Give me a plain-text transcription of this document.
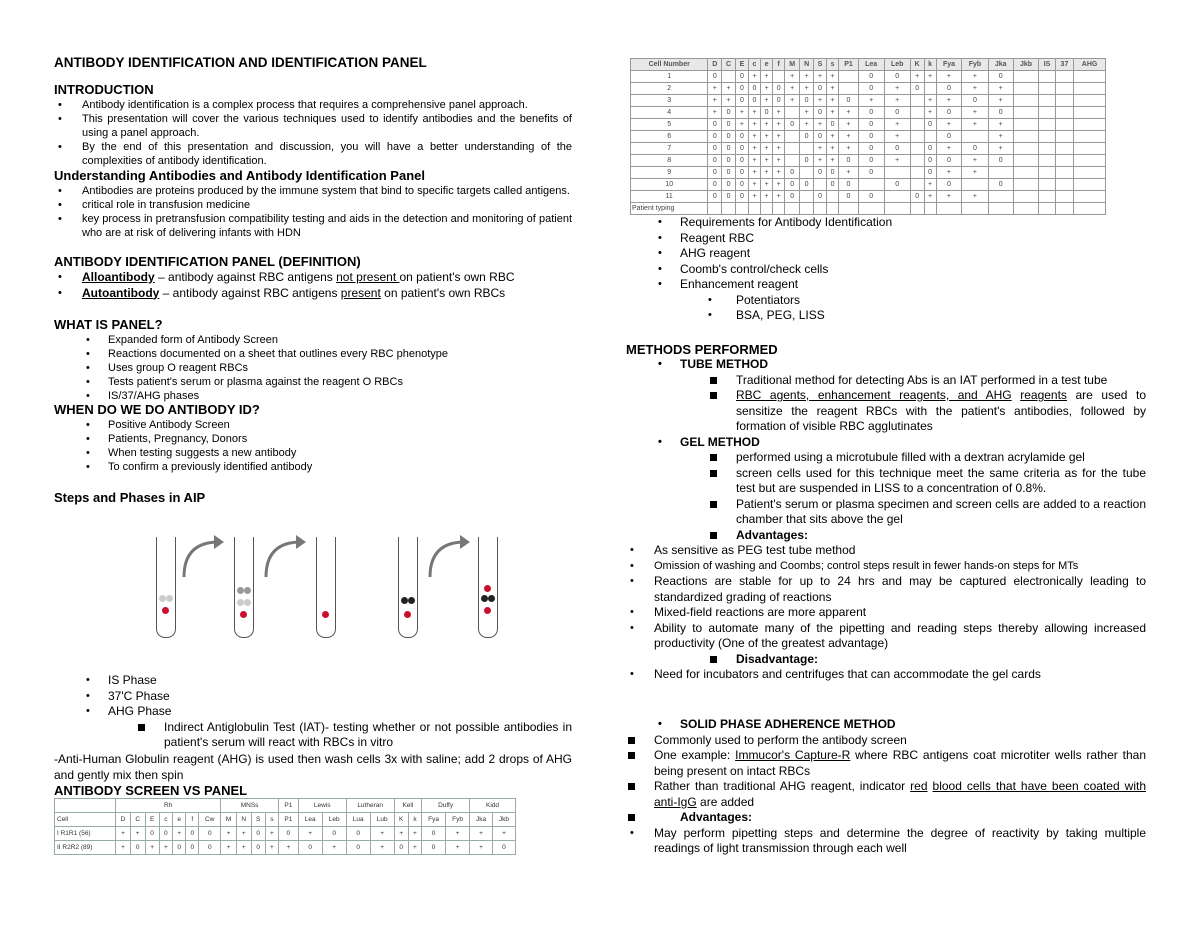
ANTIBODY IDENTIFICATION AND IDENTIFICATION PANEL
INTRODUCTION
• Antibody identification is a complex process that requires a comprehensive panel approach.
• This presentation will cover the various techniques used to identify antibodies and the benefits of using a panel approach.
• By the end of this presentation and discussion, you will have a better understanding of the complexities of antibody identification.
Understanding Antibodies and Antibody Identification Panel
• Antibodies are proteins produced by the immune system that bind to specific targets called antigens.
• critical role in transfusion medicine
• key process in pretransfusion compatibility testing and aids in the detection and monitoring of patient who are at risk of delivering infants with HDN
ANTIBODY IDENTIFICATION PANEL (DEFINITION)
• Alloantibody – antibody against RBC antigens not present on patient's own RBC
• Autoantibody – antibody against RBC antigens present on patient's own RBCs
WHAT IS PANEL?
• Expanded form of Antibody Screen
• Reactions documented on a sheet that outlines every RBC phenotype
• Uses group O reagent RBCs
• Tests patient's serum or plasma against the reagent O RBCs
• IS/37/AHG phases
WHEN DO WE DO ANTIBODY ID?
• Positive Antibody Screen
• Patients, Pregnancy, Donors
• When testing suggests a new antibody
• To confirm a previously identified antibody
Steps and Phases in AIP
• IS Phase
• 37'C Phase
• AHG Phase
Indirect Antiglobulin Test (IAT)- testing whether or not possible antibodies in patient's serum will react with RBCs in vitro
-Anti-Human Globulin reagent (AHG) is used then wash cells 3x with saline; add 2 drops of AHG and gently mix then spin
ANTIBODY SCREEN VS PANEL
	Rh							MNSs				P1	Lewis		Lutheran		Kell		Duffy		Kidd	
Cell	D	C	E	c	e	f	Cw	M	N	S	s	P1	Lea	Leb	Lua	Lub	K	k	Fya	Fyb	Jka	Jkb
I R1R1 (56)	+	+	0	0	+	0	0	+	+	0	+	0	+	0	0	+	+	+	0	+	+	+
II R2R2 (89)	+	0	+	+	0	0	0	+	+	0	+	+	0	+	0	+	0	+	0	+	+	0
Cell Number	D	C	E	c	e	f	M	N	S	s	P1	Lea	Leb	K	k	Fya	Fyb	Jka	Jkb	IS	37	AHG
1	0		0	+	+		+	+	+	+		0	0	+	+	+	+	0				
2	+	+	0	0	+	0	+	+	0	+		0	+	0		0	+	+				
3	+	+	0	0	+	0	+	0	+	+	0	+	+		+	+	0	+				
4	+	0	+	+	0	+		+	0	+	+	0	0		+	0	+	0				
5	0	0	+	+	+	+	0	+	+	0	+	0	+		0	+	+	+				
6	0	0	0	+	+	+		0	0	+	+	0	+			0		+				
7	0	0	0	+	+	+			+	+	+	0	0		0	+	0	+				
8	0	0	0	+	+	+		0	+	+	0	0	+		0	0	+	0				
9	0	0	0	+	+	+	0		0	0	+	0			0	+	+					
10	0	0	0	+	+	+	0	0		0	0		0		+	0		0				
11	0	0	0	+	+	+	0		0		0	0		0	+	+	+					
Patient typing																						
• Requirements for Antibody Identification
• Reagent RBC
• AHG reagent
• Coomb's control/check cells
• Enhancement reagent
• Potentiators
• BSA, PEG, LISS
METHODS PERFORMED
• TUBE METHOD
Traditional method for detecting Abs is an IAT performed in a test tube
RBC agents, enhancement reagents, and AHG reagents are used to sensitize the reagent RBCs with the patient's antibodies, followed by formation of visible RBC agglutinates
• GEL METHOD
performed using a microtubule filled with a dextran acrylamide gel
screen cells used for this technique meet the same criteria as for the tube test but are suspended in LISS to a concentration of 0.8%.
Patient's serum or plasma specimen and screen cells are added to a reaction chamber that sits above the gel
Advantages:
• As sensitive as PEG test tube method
• Omission of washing and Coombs; control steps result in fewer hands-on steps for MTs
• Reactions are stable for up to 24 hrs and may be captured electronically leading to standardized grading of reactions
• Mixed-field reactions are more apparent
• Ability to automate many of the pipetting and reading steps thereby allowing increased productivity (One of the greatest advantage)
Disadvantage:
• Need for incubators and centrifuges that can accommodate the gel cards
• SOLID PHASE ADHERENCE METHOD
Commonly used to perform the antibody screen
One example: Immucor's Capture-R where RBC antigens coat microtiter wells rather than being present on intact RBCs
Rather than traditional AHG reagent, indicator red blood cells that have been coated with anti-IgG are added
Advantages:
• May perform pipetting steps and determine the degree of reactivity by taking multiple readings of light transmission through each well
